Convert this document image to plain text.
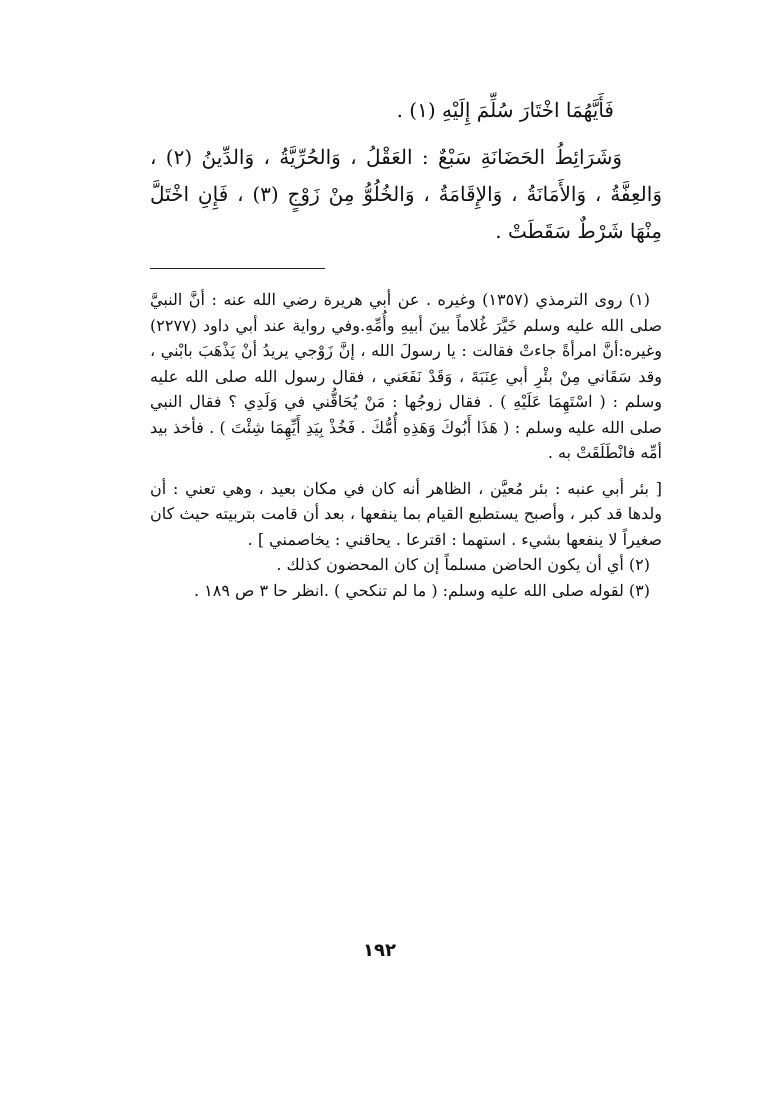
فَأَيَّهُمَا اخْتَارَ سُلِّمَ إِلَيْهِ (١) .

وَشَرَائِطُ الحَضَانَةِ سَبْعٌ : العَقْلُ ، وَالحُرِّيَّةُ ، وَالدِّينُ (٢) ، وَالعِفَّةُ ، وَالأَمَانَةُ ، وَالإِقَامَةُ ، وَالخُلُوُّ مِنْ زَوْجٍ (٣) ، فَإِنِ اخْتَلَّ مِنْهَا شَرْطٌ سَقَطَتْ .

(١) روى الترمذي (١٣٥٧) وغيره . عن أبي هريرة رضي الله عنه : أنَّ النبيَّ صلى الله عليه وسلم خَيَّرَ غُلاماً بينَ أبيهِ وأُمِّهِ.وفي رواية عند أبي داود (٢٢٧٧) وغيره:أنَّ امرأةً جاءتْ فقالت : يا رسولَ الله ، إنَّ زَوْجي يريدُ أنْ يَذْهَبَ بابْني ، وقد سَقَاني مِنْ بئْرِ أبي عِنَبَةَ ، وَقَدْ نَفَعَني ، فقال رسول الله صلى الله عليه وسلم : ( اسْتَهِمَا عَلَيْهِ ) . فقال زوجُها : مَنْ يُحَاقُّني في وَلَدِي ؟ فقال النبي صلى الله عليه وسلم : ( هَذَا أَبُوكَ وَهَذِهِ أُمُّكَ . فَخُذْ بِيَدِ أَيِّهِمَا شِئْتَ ) . فأخذ بيد أمِّه فانْطَلَقَتْ به .

[ بئر أبي عنبه : بئر مُعيَّن ، الظاهر أنه كان في مكان بعيد ، وهي تعني : أن ولدها قد كبر ، وأصبح يستطيع القيام بما ينفعها ، بعد أن قامت بتربيته حيث كان صغيراً لا ينفعها بشيء . استهما : اقترعا . يحاقني : يخاصمني ] .

(٢) أي أن يكون الحاضن مسلماً إن كان المحضون كذلك .

(٣) لقوله صلى الله عليه وسلم: ( ما لم تنكحي ) .انظر حا ٣ ص ١٨٩ .

١٩٢
